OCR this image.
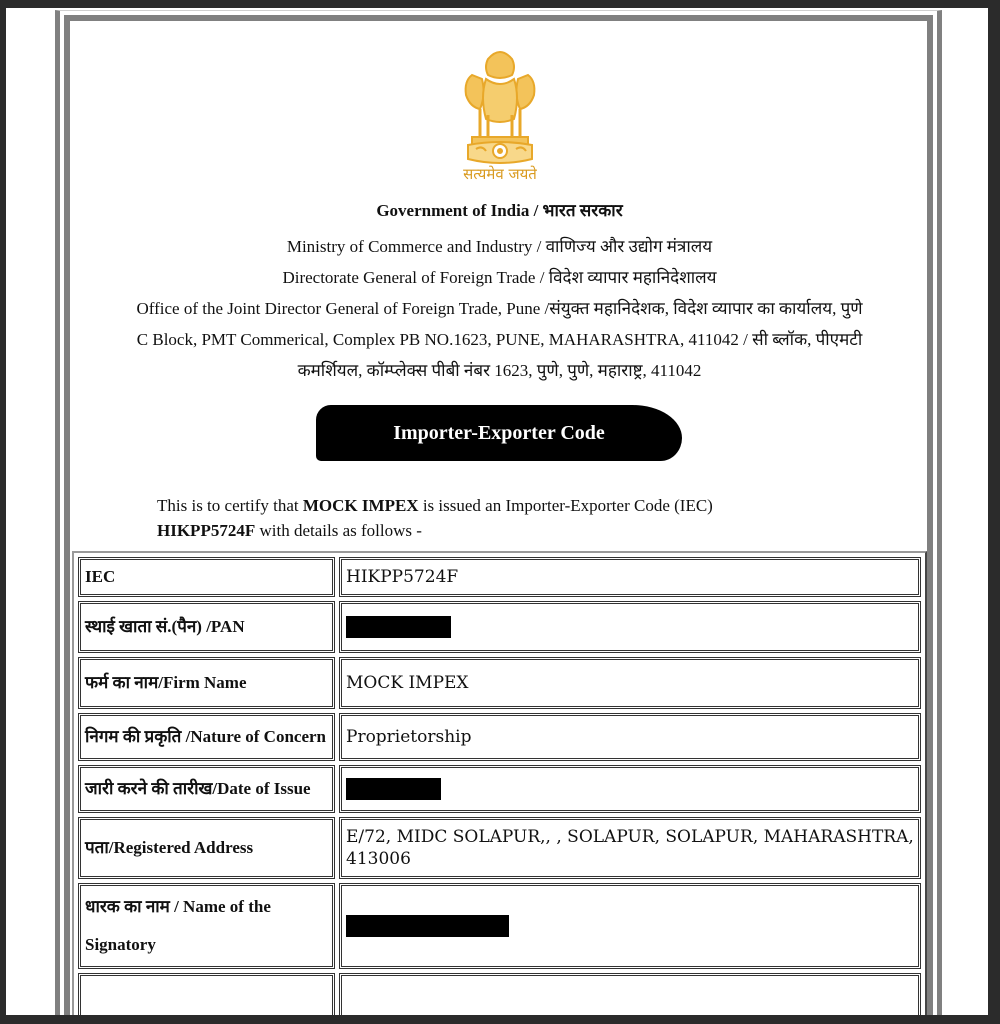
सत्यमेव जयते
Government of India / भारत सरकार
Ministry of Commerce and Industry / वाणिज्य और उद्योग मंत्रालय
Directorate General of Foreign Trade / विदेश व्यापार महानिदेशालय
Office of the Joint Director General of Foreign Trade, Pune /संयुक्त महानिदेशक, विदेश व्यापार का कार्यालय, पुणे
C Block, PMT Commerical, Complex PB NO.1623, PUNE, MAHARASHTRA, 411042 / सी ब्लॉक, पीएमटी
कमर्शियल, कॉम्प्लेक्स पीबी नंबर 1623, पुणे, पुणे, महाराष्ट्र, 411042
Importer-Exporter Code
This is to certify that MOCK IMPEX is issued an Importer-Exporter Code (IEC)
HIKPP5724F with details as follows -
IEC	HIKPP5724F
स्थाई खाता सं.(पैन) /PAN	
फर्म का नाम/Firm Name	MOCK IMPEX
निगम की प्रकृति /Nature of Concern	Proprietorship
जारी करने की तारीख/Date of Issue	
पता/Registered Address	E/72, MIDC SOLAPUR,, , SOLAPUR, SOLAPUR, MAHARASHTRA, 413006
धारक का नाम / Name of the Signatory	
